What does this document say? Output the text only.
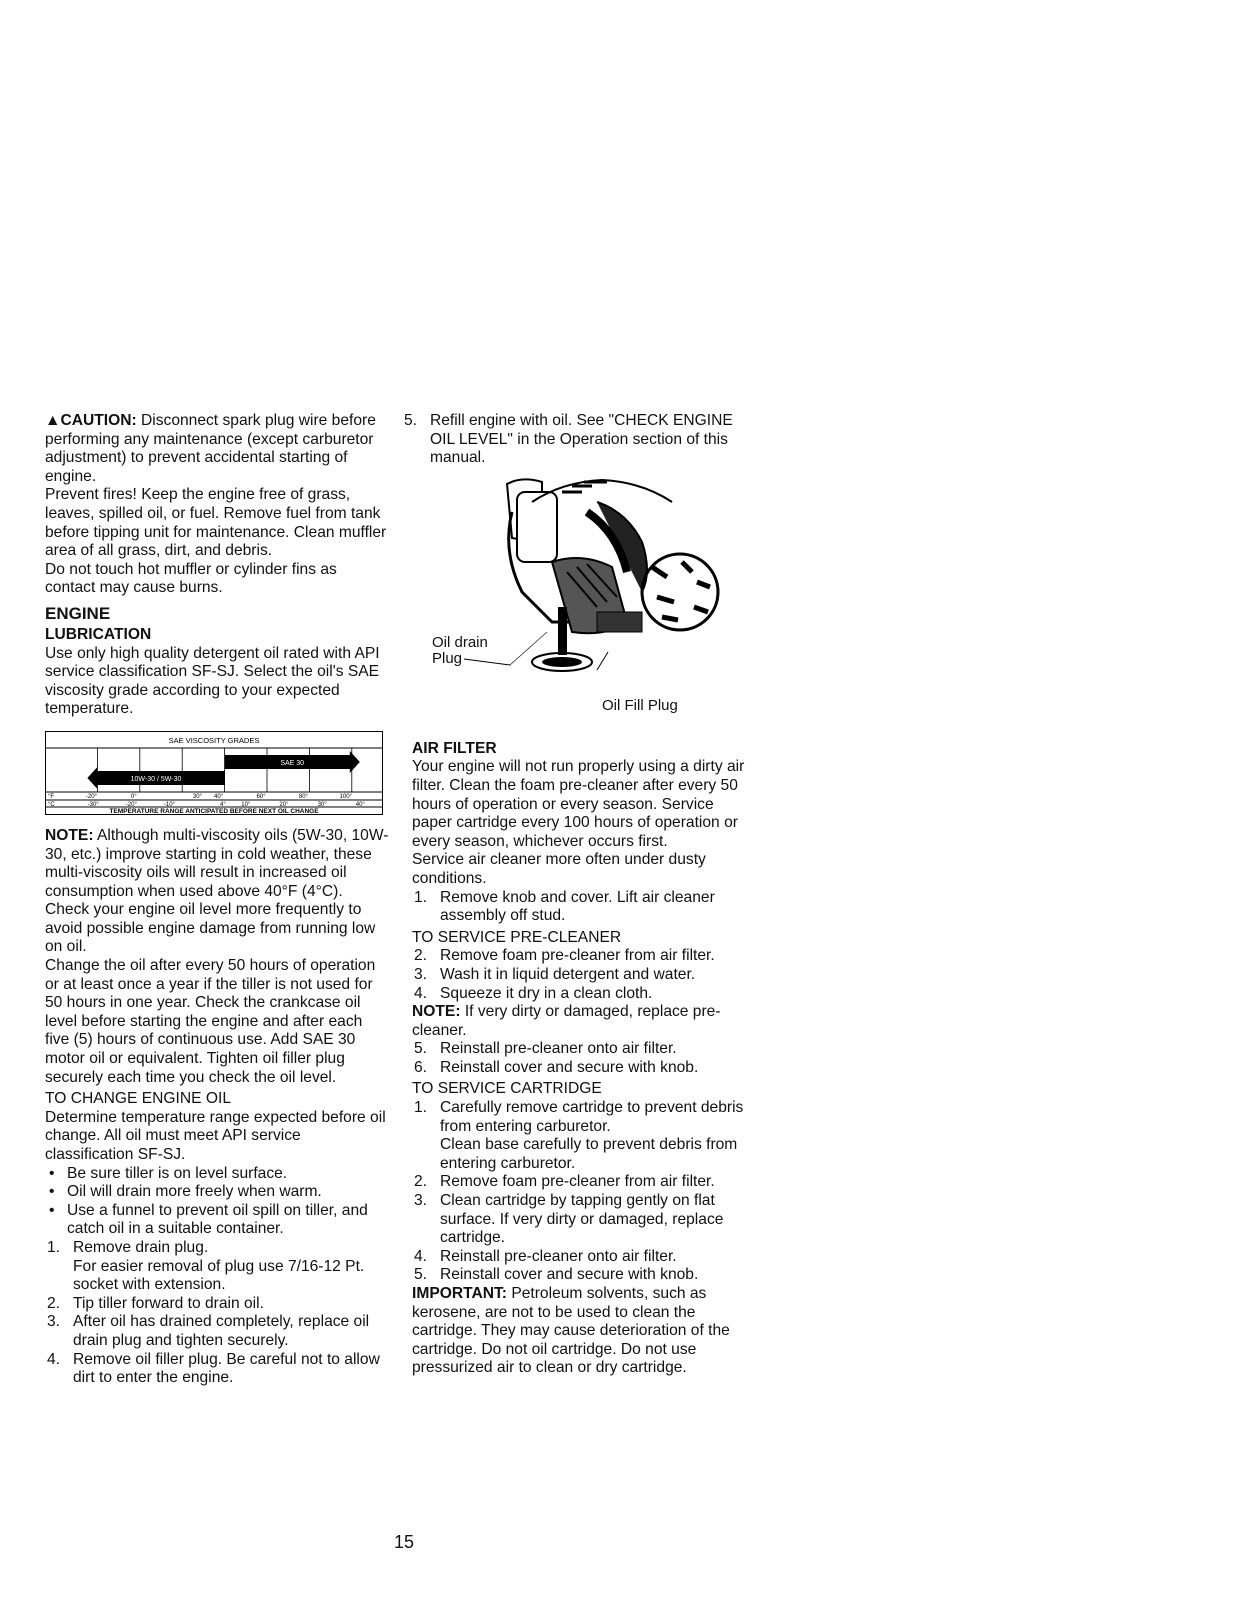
▲CAUTION: Disconnect spark plug wire before performing any maintenance (except carburetor adjustment) to prevent accidental starting of engine.

Prevent fires! Keep the engine free of grass, leaves, spilled oil, or fuel. Remove fuel from tank before tipping unit for maintenance. Clean muffler area of all grass, dirt, and debris.

Do not touch hot muffler or cylinder fins as contact may cause burns.

ENGINE
LUBRICATION

Use only high quality detergent oil rated with API service classification SF-SJ. Select the oil's SAE viscosity grade according to your expected temperature.

SAE VISCOSITY GRADES
SAE 30
10W-30 / 5W-30
°F	-20°	0°	30° 40°	60°	80°	100°
°C	-30°	-20°	-10°	4°	10°	20°	30°	40°
TEMPERATURE RANGE ANTICIPATED BEFORE NEXT OIL CHANGE

NOTE: Although multi-viscosity oils (5W-30, 10W-30, etc.) improve starting in cold weather, these multi-viscosity oils will result in increased oil consumption when used above 40°F (4°C). Check your engine oil level more frequently to avoid possible engine damage from running low on oil.

Change the oil after every 50 hours of operation or at least once a year if the tiller is not used for 50 hours in one year. Check the crankcase oil level before starting the engine and after each five (5) hours of continuous use. Add SAE 30 motor oil or equivalent. Tighten oil filler plug securely each time you check the oil level.

TO CHANGE ENGINE OIL

Determine temperature range expected before oil change. All oil must meet API service classification SF-SJ.

• Be sure tiller is on level surface.
• Oil will drain more freely when warm.
• Use a funnel to prevent oil spill on tiller, and catch oil in a suitable container.
1. Remove drain plug.
For easier removal of plug use 7/16-12 Pt. socket with extension.
2. Tip tiller forward to drain oil.
3. After oil has drained completely, replace oil drain plug and tighten securely.
4. Remove oil filler plug. Be careful not to allow dirt to enter the engine.
5. Refill engine with oil. See "CHECK ENGINE OIL LEVEL" in the Operation section of this manual.
Oil drain
Plug
Oil Fill Plug
AIR FILTER

Your engine will not run properly using a dirty air filter. Clean the foam pre-cleaner after every 50 hours of operation or every season. Service paper cartridge every 100 hours of operation or every season, whichever occurs first.

Service air cleaner more often under dusty conditions.

1. Remove knob and cover. Lift air cleaner assembly off stud.
TO SERVICE PRE-CLEANER
2. Remove foam pre-cleaner from air filter.
3. Wash it in liquid detergent and water.
4. Squeeze it dry in a clean cloth.

NOTE: If very dirty or damaged, replace pre-cleaner.

5. Reinstall pre-cleaner onto air filter.
6. Reinstall cover and secure with knob.
TO SERVICE CARTRIDGE
1. Carefully remove cartridge to prevent debris from entering carburetor.
Clean base carefully to prevent debris from entering carburetor.
2. Remove foam pre-cleaner from air filter.
3. Clean cartridge by tapping gently on flat surface. If very dirty or damaged, replace cartridge.
4. Reinstall pre-cleaner onto air filter.
5. Reinstall cover and secure with knob.

IMPORTANT: Petroleum solvents, such as kerosene, are not to be used to clean the cartridge. They may cause deterioration of the cartridge. Do not oil cartridge. Do not use pressurized air to clean or dry cartridge.

15
